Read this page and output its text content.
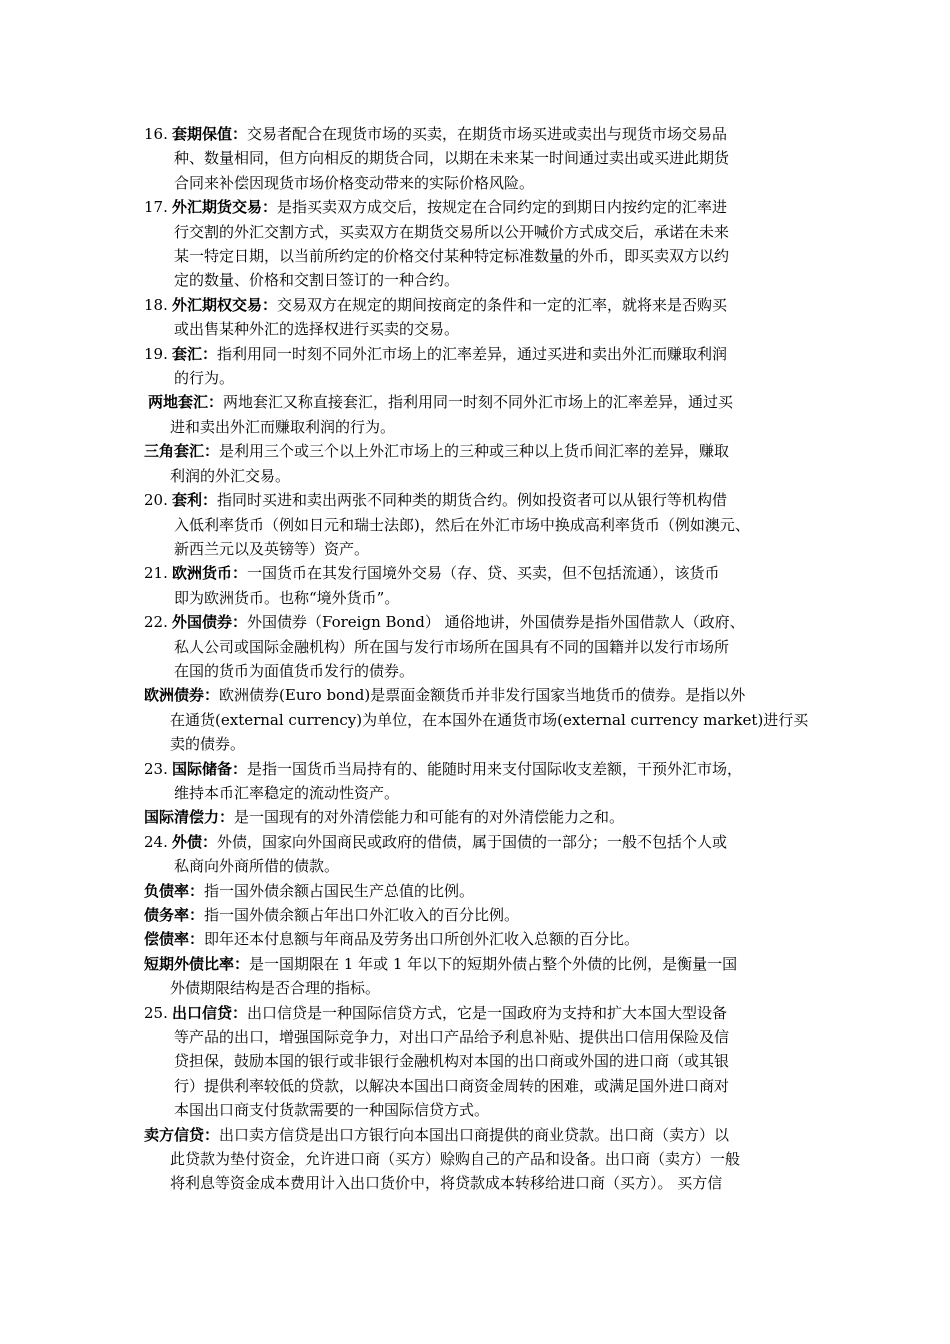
16. 套期保值：交易者配合在现货市场的买卖，在期货市场买进或卖出与现货市场交易品
种、数量相同，但方向相反的期货合同，以期在未来某一时间通过卖出或买进此期货
合同来补偿因现货市场价格变动带来的实际价格风险。

17. 外汇期货交易：是指买卖双方成交后，按规定在合同约定的到期日内按约定的汇率进
行交割的外汇交割方式，买卖双方在期货交易所以公开喊价方式成交后，承诺在未来
某一特定日期，以当前所约定的价格交付某种特定标准数量的外币，即买卖双方以约
定的数量、价格和交割日签订的一种合约。

18. 外汇期权交易：交易双方在规定的期间按商定的条件和一定的汇率，就将来是否购买
或出售某种外汇的选择权进行买卖的交易。

19. 套汇：指利用同一时刻不同外汇市场上的汇率差异，通过买进和卖出外汇而赚取利润
的行为。

两地套汇：两地套汇又称直接套汇，指利用同一时刻不同外汇市场上的汇率差异，通过买
进和卖出外汇而赚取利润的行为。

三角套汇：是利用三个或三个以上外汇市场上的三种或三种以上货币间汇率的差异，赚取
利润的外汇交易。

20. 套利：指同时买进和卖出两张不同种类的期货合约。例如投资者可以从银行等机构借
入低利率货币（例如日元和瑞士法郎)，然后在外汇市场中换成高利率货币（例如澳元、
新西兰元以及英镑等）资产。

21. 欧洲货币：一国货币在其发行国境外交易（存、贷、买卖，但不包括流通），该货币
即为欧洲货币。也称“境外货币”。

22. 外国债券：外国债券（Foreign Bond） 通俗地讲，外国债券是指外国借款人（政府、
私人公司或国际金融机构）所在国与发行市场所在国具有不同的国籍并以发行市场所
在国的货币为面值货币发行的债券。

欧洲债券：欧洲债券(Euro bond)是票面金额货币并非发行国家当地货币的债券。是指以外
在通货(external currency)为单位，在本国外在通货市场(external currency market)进行买
卖的债券。

23. 国际储备：是指一国货币当局持有的、能随时用来支付国际收支差额，干预外汇市场，
维持本币汇率稳定的流动性资产。

国际清偿力：是一国现有的对外清偿能力和可能有的对外清偿能力之和。

24. 外债：外债，国家向外国商民或政府的借债，属于国债的一部分；一般不包括个人或
私商向外商所借的债款。

负债率：指一国外债余额占国民生产总值的比例。

债务率：指一国外债余额占年出口外汇收入的百分比例。

偿债率：即年还本付息额与年商品及劳务出口所创外汇收入总额的百分比。

短期外债比率：是一国期限在 1 年或 1 年以下的短期外债占整个外债的比例，是衡量一国
外债期限结构是否合理的指标。

25. 出口信贷：出口信贷是一种国际信贷方式，它是一国政府为支持和扩大本国大型设备
等产品的出口，增强国际竞争力，对出口产品给予利息补贴、提供出口信用保险及信
贷担保，鼓励本国的银行或非银行金融机构对本国的出口商或外国的进口商（或其银
行）提供利率较低的贷款，以解决本国出口商资金周转的困难，或满足国外进口商对
本国出口商支付货款需要的一种国际信贷方式。

卖方信贷：出口卖方信贷是出口方银行向本国出口商提供的商业贷款。出口商（卖方）以
此贷款为垫付资金，允许进口商（买方）赊购自己的产品和设备。出口商（卖方）一般
将利息等资金成本费用计入出口货价中，将贷款成本转移给进口商（买方）。 买方信
